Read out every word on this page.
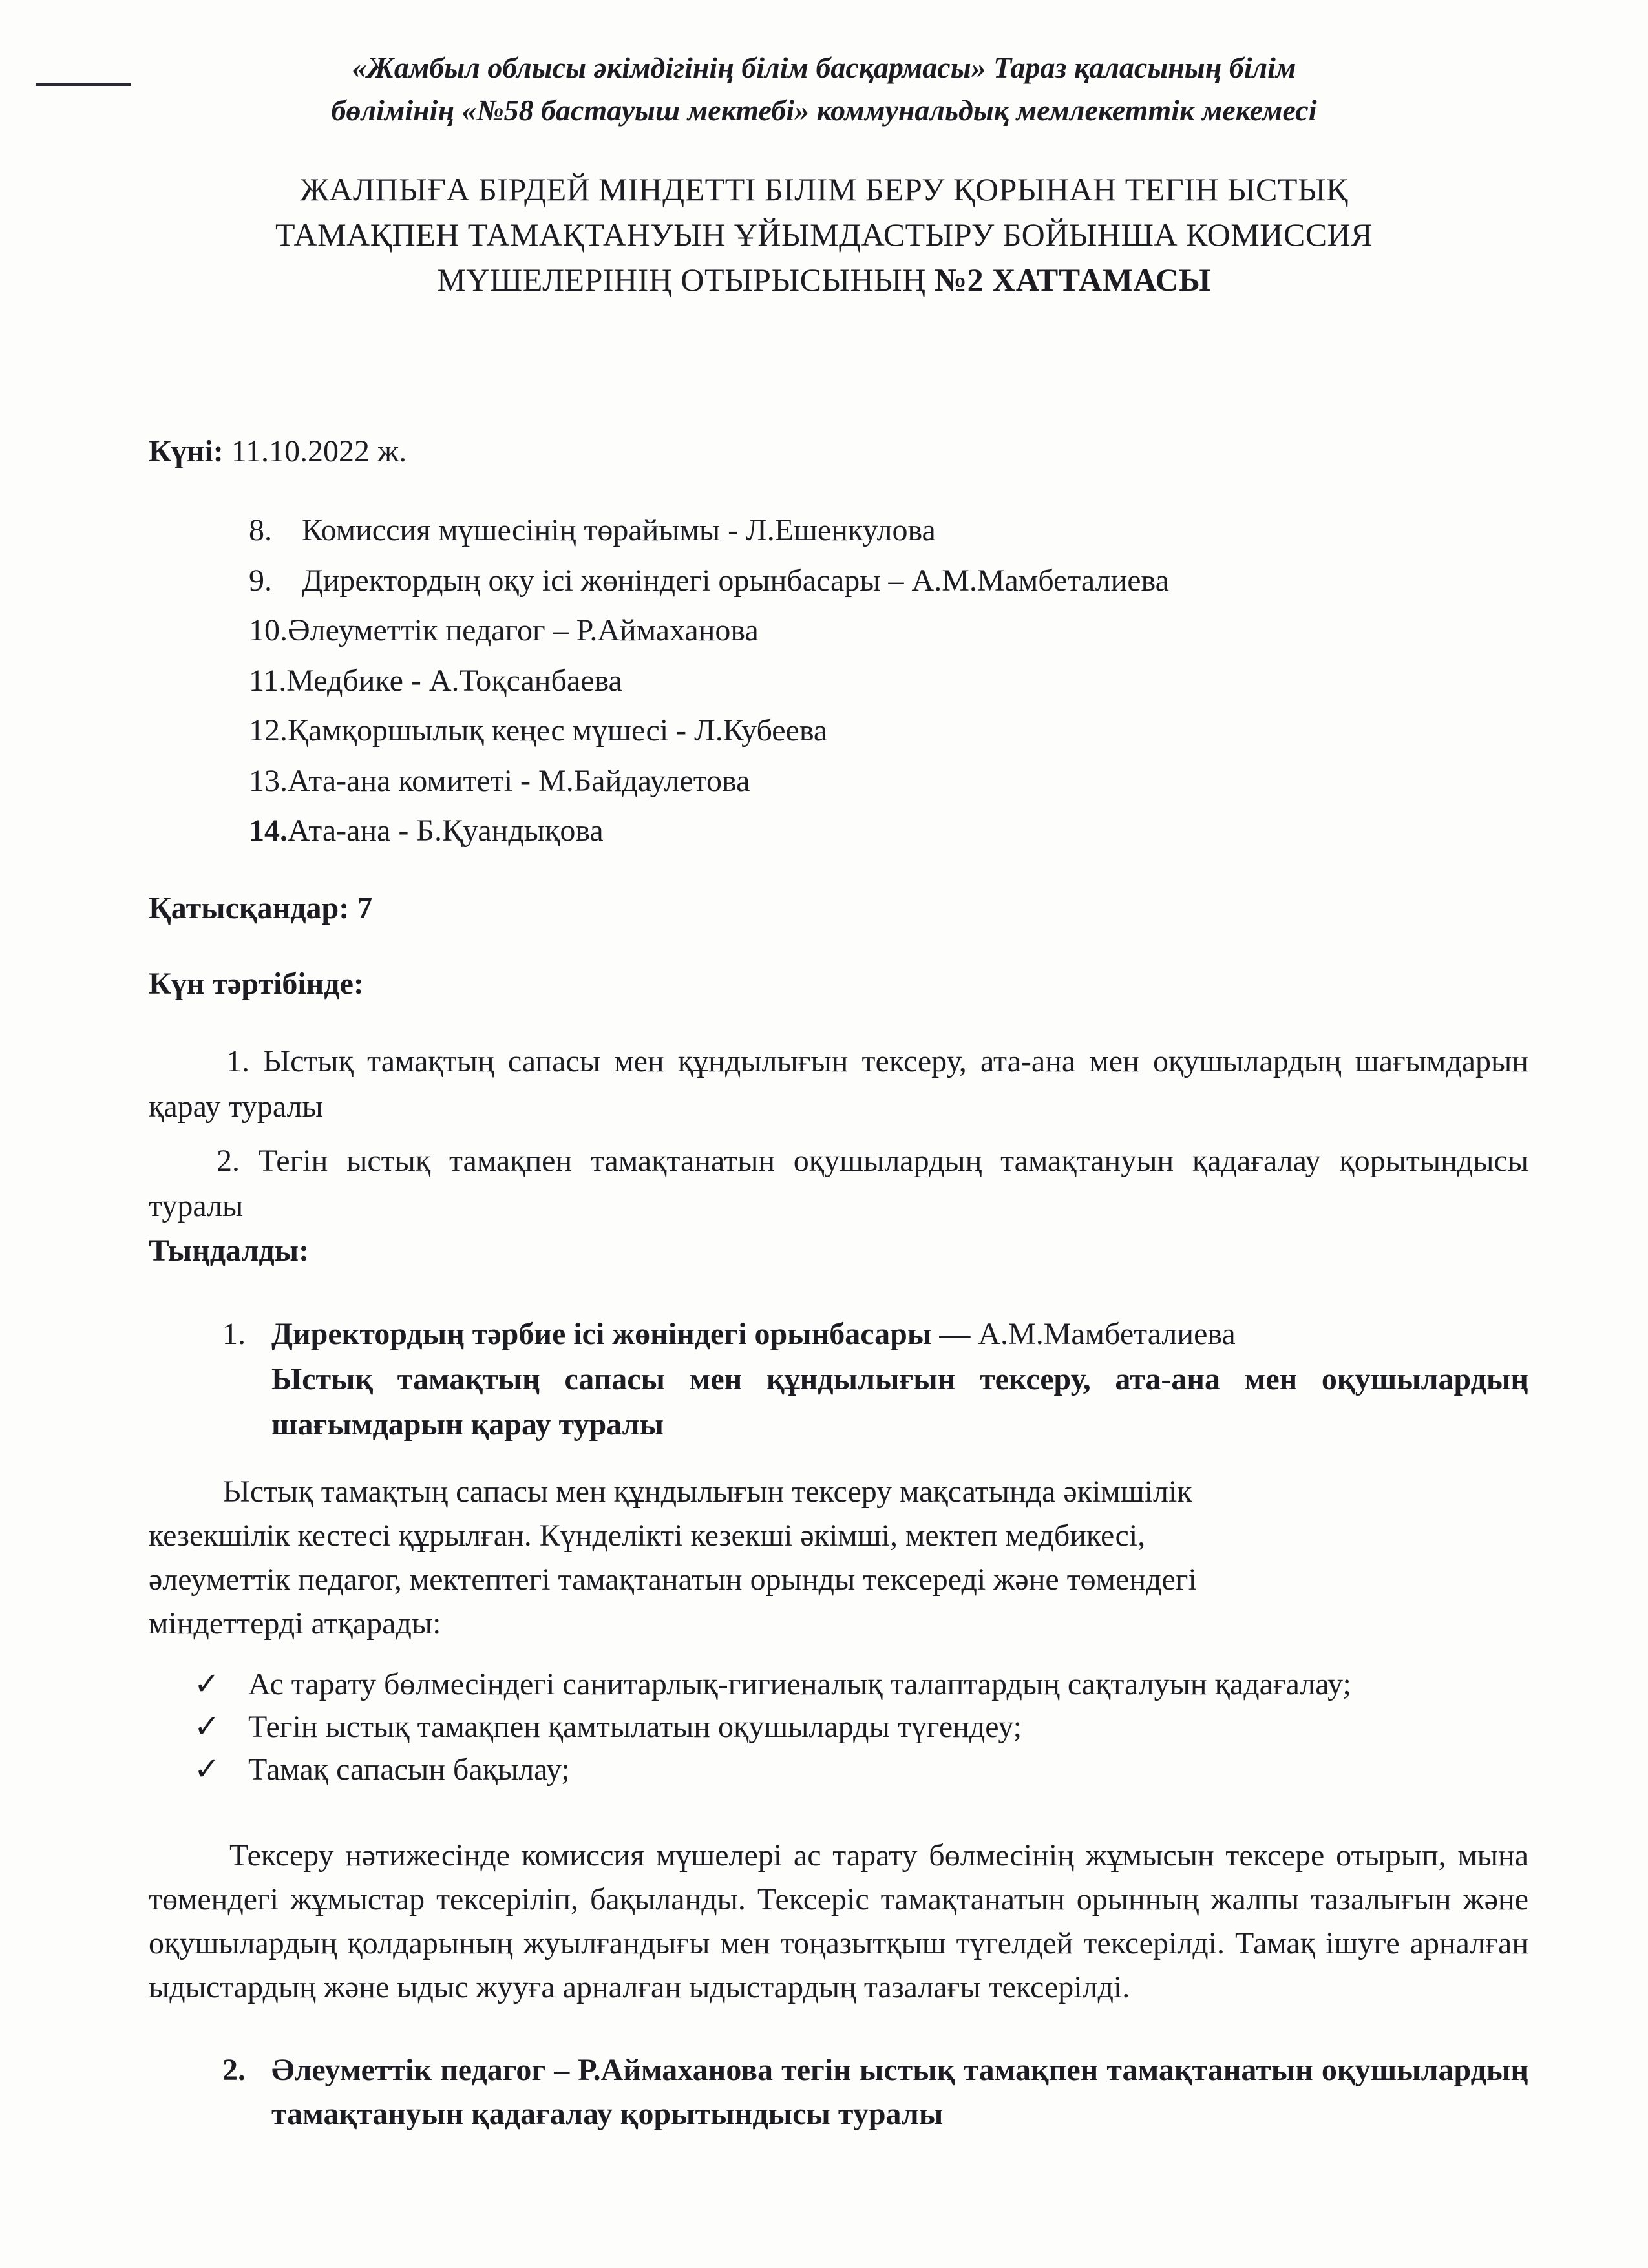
«Жамбыл облысы әкімдігінің білім басқармасы» Тараз қаласының білім
бөлімінің «№58 бастауыш мектебі» коммунальдық мемлекеттік мекемесі
ЖАЛПЫҒА БІРДЕЙ МІНДЕТТІ БІЛІМ БЕРУ ҚОРЫНАН ТЕГІН ЫСТЫҚ
ТАМАҚПЕН ТАМАҚТАНУЫН ҰЙЫМДАСТЫРУ БОЙЫНША КОМИССИЯ
МҮШЕЛЕРІНІҢ ОТЫРЫСЫНЫҢ №2 ХАТТАМАСЫ
Күні: 11.10.2022 ж.
8. Комиссия мүшесінің төрайымы - Л.Ешенкулова
9. Директордың оқу ісі жөніндегі орынбасары – А.М.Мамбеталиева
10.Әлеуметтік педагог – Р.Аймаханова
11.Медбике - А.Тоқсанбаева
12.Қамқоршылық кеңес мүшесі - Л.Кубеева
13.Ата-ана комитеті - М.Байдаулетова
14.Ата-ана - Б.Қуандықова
Қатысқандар: 7
Күн тәртібінде:

1. Ыстық тамақтың сапасы мен құндылығын тексеру, ата-ана мен оқушылардың шағымдарын қарау туралы

2. Тегін ыстық тамақпен тамақтанатын оқушылардың тамақтануын қадағалау қорытындысы туралы

Тыңдалды:
1. Директордың тәрбие ісі жөніндегі орынбасары — А.М.Мамбеталиева
Ыстық тамақтың сапасы мен құндылығын тексеру, ата-ана мен оқушылардың шағымдарын қарау туралы
Ыстық тамақтың сапасы мен құндылығын тексеру мақсатында әкімшілік
кезекшілік кестесі құрылған. Күнделікті кезекші әкімші, мектеп медбикесі,
әлеуметтік педагог, мектептегі тамақтанатын орынды тексереді және төмендегі
міндеттерді атқарады:
✓ Ас тарату бөлмесіндегі санитарлық-гигиеналық талаптардың сақталуын қадағалау;
✓ Тегін ыстық тамақпен қамтылатын оқушыларды түгендеу;
✓ Тамақ сапасын бақылау;
Тексеру нәтижесінде комиссия мүшелері ас тарату бөлмесінің жұмысын тексере отырып, мына төмендегі жұмыстар тексеріліп, бақыланды. Тексеріс тамақтанатын орынның жалпы тазалығын және оқушылардың қолдарының жуылғандығы мен тоңазытқыш түгелдей тексерілді. Тамақ ішуге арналған ыдыстардың және ыдыс жууға арналған ыдыстардың тазалағы тексерілді.
2. Әлеуметтік педагог – Р.Аймаханова тегін ыстық тамақпен тамақтанатын оқушылардың тамақтануын қадағалау қорытындысы туралы
